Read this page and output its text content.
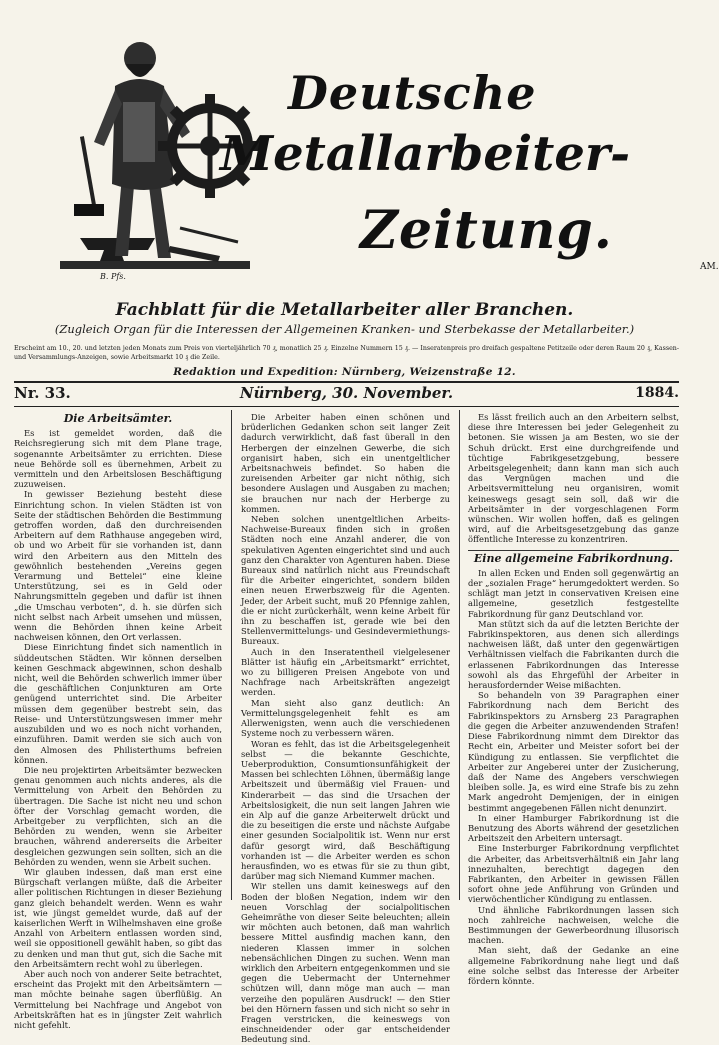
B. Pfs.
Deutsche
Metallarbeiter-
Zeitung.
AM.
Fachblatt für die Metallarbeiter aller Branchen.
(Zugleich Organ für die Interessen der Allgemeinen Kranken- und Sterbekasse der Metallarbeiter.)
Erscheint am 10., 20. und letzten jeden Monats zum Preis von vierteljährlich 70 ₰, monatlich 25 ₰. Einzelne Nummern 15 ₰. — Inseratenpreis pro dreifach gespaltene Petitzeile oder deren Raum 20 ₰, Kassen- und Versammlungs-Anzeigen, sowie Arbeitsmarkt 10 ₰ die Zeile.
Redaktion und Expedition: Nürnberg, Weizenstraße 12.
Nr. 33.	Nürnberg, 30. November.	1884.
Die Arbeitsämter.

Es ist gemeldet worden, daß die Reichsregierung sich mit dem Plane trage, sogenannte Arbeitsämter zu errichten. Diese neue Behörde soll es übernehmen, Arbeit zu vermitteln und den Arbeitslosen Beschäftigung zuzuweisen.

In gewisser Beziehung besteht diese Einrichtung schon. In vielen Städten ist von Seite der städtischen Behörden die Bestimmung getroffen worden, daß den durchreisenden Arbeitern auf dem Rathhause angegeben wird, ob und wo Arbeit für sie vorhanden ist, dann wird den Arbeitern aus den Mitteln des gewöhnlich bestehenden „Vereins gegen Verarmung und Bettelei“ eine kleine Unterstützung, sei es in Geld oder Nahrungsmitteln gegeben und dafür ist ihnen „die Umschau verboten“, d. h. sie dürfen sich nicht selbst nach Arbeit umsehen und müssen, wenn die Behörden ihnen keine Arbeit nachweisen können, den Ort verlassen.

Diese Einrichtung findet sich namentlich in süddeutschen Städten. Wir können derselben keinen Geschmack abgewinnen, schon deshalb nicht, weil die Behörden schwerlich immer über die geschäftlichen Conjunkturen am Orte genügend unterrichtet sind. Die Arbeiter müssen dem gegenüber bestrebt sein, das Reise- und Unterstützungswesen immer mehr auszubilden und wo es noch nicht vorhanden, einzuführen. Damit werden sie sich auch von den Almosen des Philisterthums befreien können.

Die neu projektirten Arbeitsämter bezwecken genau genommen auch nichts anderes, als die Vermittelung von Arbeit den Behörden zu übertragen. Die Sache ist nicht neu und schon öfter der Vorschlag gemacht worden, die Arbeitgeber zu verpflichten, sich an die Behörden zu wenden, wenn sie Arbeiter brauchen, während andererseits die Arbeiter desgleichen gezwungen sein sollten, sich an die Behörden zu wenden, wenn sie Arbeit suchen.

Wir glauben indessen, daß man erst eine Bürgschaft verlangen müßte, daß die Arbeiter aller politischen Richtungen in dieser Beziehung ganz gleich behandelt werden. Wenn es wahr ist, wie jüngst gemeldet wurde, daß auf der kaiserlichen Werft in Wilhelmshaven eine große Anzahl von Arbeitern entlassen worden sind, weil sie oppositionell gewählt haben, so gibt das zu denken und man thut gut, sich die Sache mit den Arbeitsämtern recht wohl zu überlegen.

Aber auch noch von anderer Seite betrachtet, erscheint das Projekt mit den Arbeitsämtern — man möchte beinahe sagen überflüßig. An Vermittelung bei Nachfrage und Angebot von Arbeitskräften hat es in jüngster Zeit wahrlich nicht gefehlt.

Die Arbeiter haben einen schönen und brüderlichen Gedanken schon seit langer Zeit dadurch verwirklicht, daß fast überall in den Herbergen der einzelnen Gewerbe, die sich organisirt haben, sich ein unentgeltlicher Arbeitsnachweis befindet. So haben die zureisenden Arbeiter gar nicht nöthig, sich besondere Auslagen und Ausgaben zu machen; sie brauchen nur nach der Herberge zu kommen.

Neben solchen unentgeltlichen Arbeits-Nachweise-Bureaux finden sich in großen Städten noch eine Anzahl anderer, die von spekulativen Agenten eingerichtet sind und auch ganz den Charakter von Agenturen haben. Diese Bureaux sind natürlich nicht aus Freundschaft für die Arbeiter eingerichtet, sondern bilden einen neuen Erwerbszweig für die Agenten. Jeder, der Arbeit sucht, muß 20 Pfennige zahlen, die er nicht zurückerhält, wenn keine Arbeit für ihn zu beschaffen ist, gerade wie bei den Stellenvermittelungs- und Gesindevermiethungs-Bureaux.

Auch in den Inseratentheil vielgelesener Blätter ist häufig ein „Arbeitsmarkt“ errichtet, wo zu billigeren Preisen Angebote von und Nachfrage nach Arbeitskräften angezeigt werden.

Man sieht also ganz deutlich: An Vermittelungsgelegenheit fehlt es am Allerwenigsten, wenn auch die verschiedenen Systeme noch zu verbessern wären.

Woran es fehlt, das ist die Arbeitsgelegenheit selbst — die bekannte Geschichte, Ueberproduktion, Consumtionsunfähigkeit der Massen bei schlechten Löhnen, übermäßig lange Arbeitszeit und übermäßig viel Frauen- und Kinderarbeit — das sind die Ursachen der Arbeitslosigkeit, die nun seit langen Jahren wie ein Alp auf die ganze Arbeiterwelt drückt und die zu beseitigen die erste und nächste Aufgabe einer gesunden Socialpolitik ist. Wenn nur erst dafür gesorgt wird, daß Beschäftigung vorhanden ist — die Arbeiter werden es schon herausfinden, wo es etwas für sie zu thun gibt, darüber mag sich Niemand Kummer machen.

Wir stellen uns damit keineswegs auf den Boden der bloßen Negation, indem wir den neuen Vorschlag der socialpolitischen Geheimräthe von dieser Seite beleuchten; allein wir möchten auch betonen, daß man wahrlich bessere Mittel ausfindig machen kann, den niederen Klassen immer in solchen nebensächlichen Dingen zu suchen. Wenn man wirklich den Arbeitern entgegenkommen und sie gegen die Uebermacht der Unternehmer schützen will, dann möge man auch — man verzeihe den populären Ausdruck! — den Stier bei den Hörnern fassen und sich nicht so sehr in Fragen verstricken, die keineswegs von einschneidender oder gar entscheidender Bedeutung sind.

Es lässt freilich auch an den Arbeitern selbst, diese ihre Interessen bei jeder Gelegenheit zu betonen. Sie wissen ja am Besten, wo sie der Schuh drückt. Erst eine durchgreifende und tüchtige Fabrikgesetzgebung, bessere Arbeitsgelegenheit; dann kann man sich auch das Vergnügen machen und die Arbeitsvermittelung neu organisiren, womit keineswegs gesagt sein soll, daß wir die Arbeitsämter in der vorgeschlagenen Form wünschen. Wir wollen hoffen, daß es gelingen wird, auf die Arbeitsgesetzgebung das ganze öffentliche Interesse zu konzentriren.

Eine allgemeine Fabrikordnung.

In allen Ecken und Enden soll gegenwärtig an der „sozialen Frage“ herumgedoktert werden. So schlägt man jetzt in conservativen Kreisen eine allgemeine, gesetzlich festgestellte Fabrikordnung für ganz Deutschland vor.

Man stützt sich da auf die letzten Berichte der Fabrikinspektoren, aus denen sich allerdings nachweisen läßt, daß unter den gegenwärtigen Verhältnissen vielfach die Fabrikanten durch die erlassenen Fabrikordnungen das Interesse sowohl als das Ehrgefühl der Arbeiter in herausfordernder Weise mißachten.

So behandeln von 39 Paragraphen einer Fabrikordnung nach dem Bericht des Fabrikinspektors zu Arnsberg 23 Paragraphen die gegen die Arbeiter anzuwendenden Strafen! Diese Fabrikordnung nimmt dem Direktor das Recht ein, Arbeiter und Meister sofort bei der Kündigung zu entlassen. Sie verpflichtet die Arbeiter zur Angeberei unter der Zusicherung, daß der Name des Angebers verschwiegen bleiben solle. Ja, es wird eine Strafe bis zu zehn Mark angedroht Demjenigen, der in einigen bestimmt angegebenen Fällen nicht denunzirt.

In einer Hamburger Fabrikordnung ist die Benutzung des Aborts während der gesetzlichen Arbeitszeit den Arbeitern untersagt.

Eine Insterburger Fabrikordnung verpflichtet die Arbeiter, das Arbeitsverhältniß ein Jahr lang innezuhalten, berechtigt dagegen den Fabrikanten, den Arbeiter in gewissen Fällen sofort ohne jede Anführung von Gründen und vierwöchentlicher Kündigung zu entlassen.

Und ähnliche Fabrikordnungen lassen sich noch zahlreiche nachweisen, welche die Bestimmungen der Gewerbeordnung illusorisch machen.

Man sieht, daß der Gedanke an eine allgemeine Fabrikordnung nahe liegt und daß eine solche selbst das Interesse der Arbeiter fördern könnte.
